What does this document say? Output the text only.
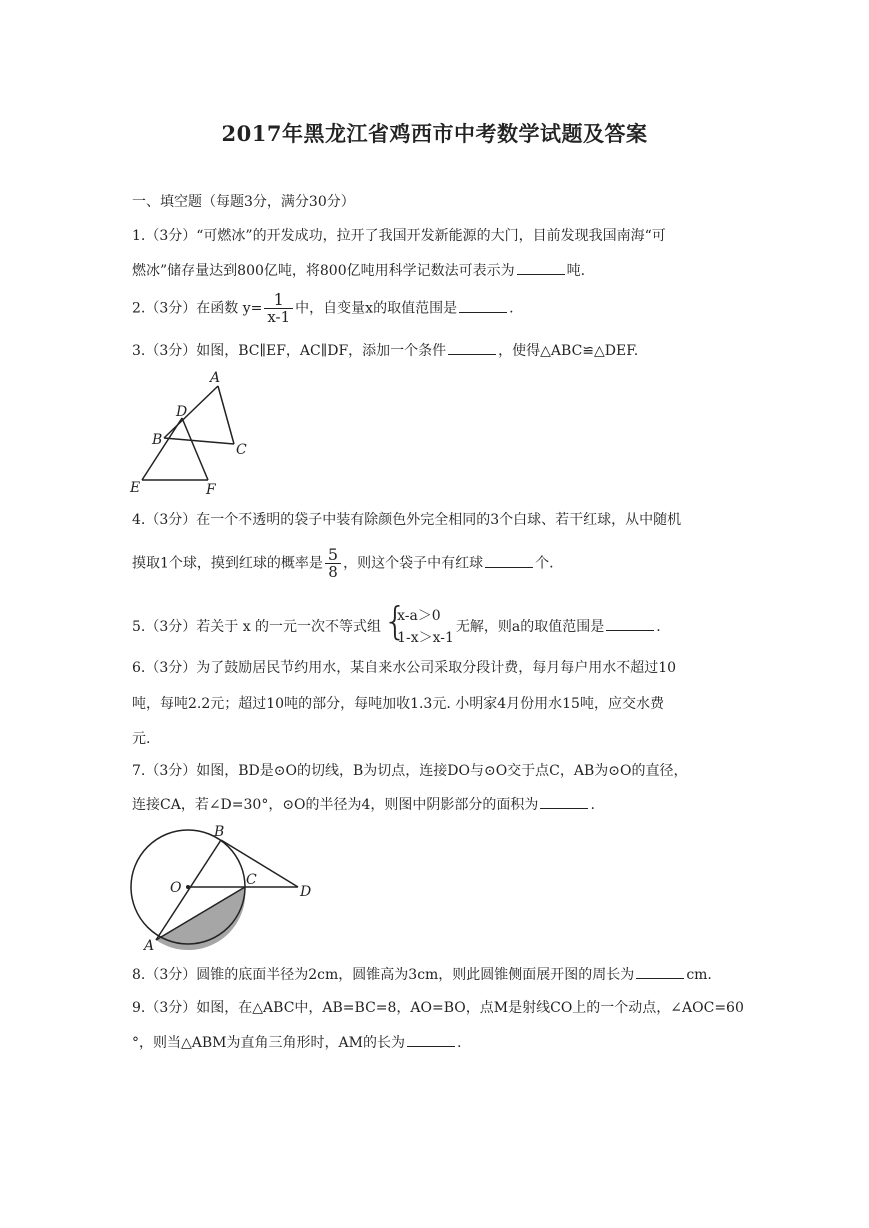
2017年黑龙江省鸡西市中考数学试题及答案
一、填空题（每题3分，满分30分）
1.（3分）“可燃冰”的开发成功，拉开了我国开发新能源的大门，目前发现我国南海“可
燃冰”储存量达到800亿吨，将800亿吨用科学记数法可表示为	吨.
2.（3分）在函数 $y= \frac{1}{x-1}$ 中，自变量x的取值范围是	.
3.（3分）如图，BC∥EF，AC∥DF，添加一个条件	，使得△ABC≌△DEF.
A
D
B
C
E	F
4.（3分）在一个不透明的袋子中装有除颜色外完全相同的3个白球、若干红球，从中随机
摸取1个球，摸到红球的概率是 $\frac{5}{8}$ ，则这个袋子中有红球	个.
5.（3分）若关于 x 的一元一次不等式组 {
x-a＞0
1-x＞x-1
无解，则a的取值范围是	.
6.（3分）为了鼓励居民节约用水，某自来水公司采取分段计费，每月每户用水不超过10
吨，每吨2.2元；超过10吨的部分，每吨加收1.3元. 小明家4月份用水15吨，应交水费
元.
7.（3分）如图，BD是⊙O的切线，B为切点，连接DO与⊙O交于点C，AB为⊙O的直径，
连接CA，若∠D=30°，⊙O的半径为4，则图中阴影部分的面积为	.
B
O	C
D
A
8.（3分）圆锥的底面半径为2cm，圆锥高为3cm，则此圆锥侧面展开图的周长为	cm.
9.（3分）如图，在△ABC中，AB=BC=8，AO=BO，点M是射线CO上的一个动点，∠AOC=60
°，则当△ABM为直角三角形时，AM的长为	.
